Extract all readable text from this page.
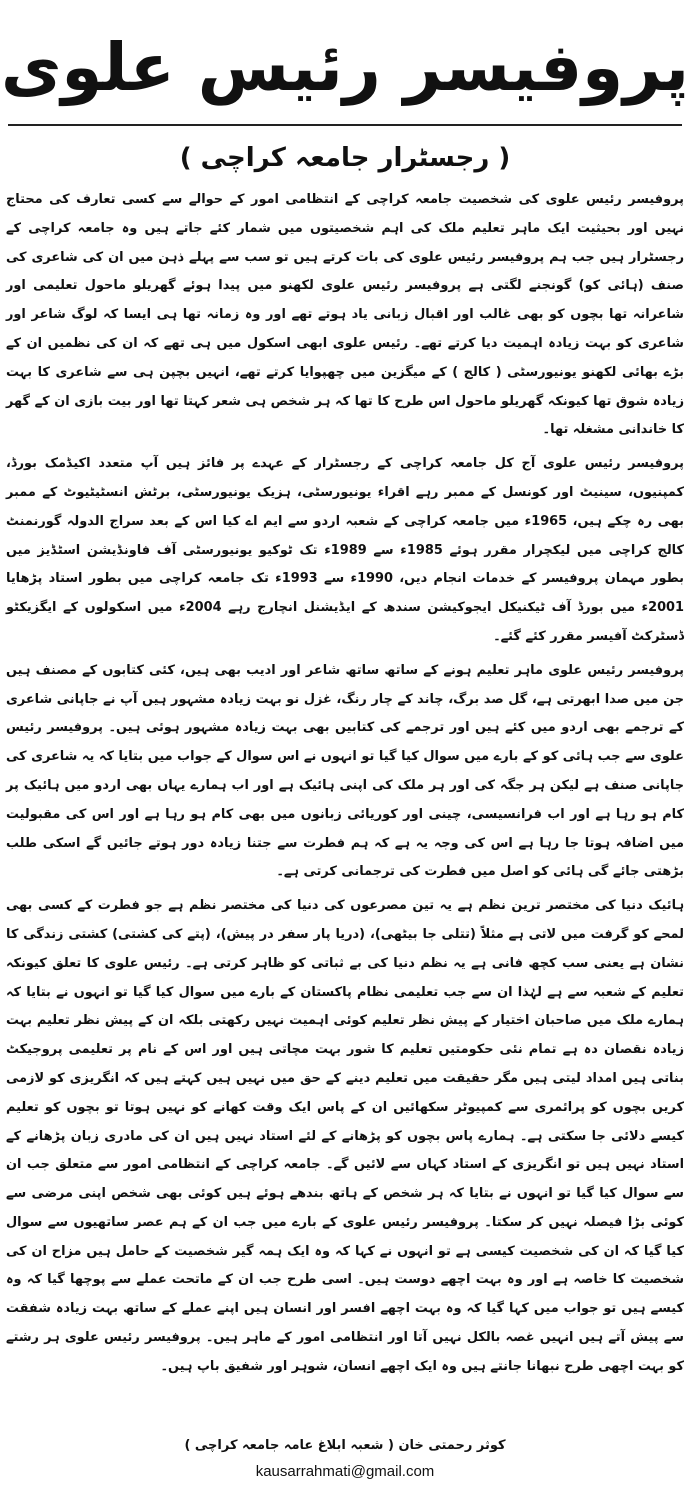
پروفیسر رئیس علوی
( رجسٹرار جامعہ کراچی )

پروفیسر رئیس علوی کی شخصیت جامعہ کراچی کے انتظامی امور کے حوالے سے کسی تعارف کی محتاج نہیں اور بحیثیت ایک ماہر تعلیم ملک کی اہم شخصیتوں میں شمار کئے جاتے ہیں وہ جامعہ کراچی کے رجسٹرار ہیں جب ہم پروفیسر رئیس علوی کی بات کرتے ہیں تو سب سے پہلے ذہن میں ان کی شاعری کی صنف (ہائی کو) گونجنے لگتی ہے پروفیسر رئیس علوی لکھنو میں پیدا ہوئے گھریلو ماحول تعلیمی اور شاعرانہ تھا بچوں کو بھی غالب اور اقبال زبانی یاد ہوتے تھے اور وہ زمانہ تھا ہی ایسا کہ لوگ شاعر اور شاعری کو بہت زیادہ اہمیت دیا کرتے تھے۔ رئیس علوی ابھی اسکول میں ہی تھے کہ ان کی نظمیں ان کے بڑے بھائی لکھنو یونیورسٹی ( کالج ) کے میگزین میں چھپوایا کرتے تھے، انہیں بچپن ہی سے شاعری کا بہت زیادہ شوق تھا کیونکہ گھریلو ماحول اس طرح کا تھا کہ ہر شخص ہی شعر کہتا تھا اور بیت بازی ان کے گھر کا خاندانی مشغلہ تھا۔

پروفیسر رئیس علوی آج کل جامعہ کراچی کے رجسٹرار کے عہدے پر فائز ہیں آپ متعدد اکیڈمک بورڈ، کمپنیوں، سینیٹ اور کونسل کے ممبر رہے اقراء یونیورسٹی، ہزیک یونیورسٹی، برٹش انسٹیٹیوٹ کے ممبر بھی رہ چکے ہیں، 1965ء میں جامعہ کراچی کے شعبہ اردو سے ایم اے کیا اس کے بعد سراج الدولہ گورنمنٹ کالج کراچی میں لیکچرار مقرر ہوئے 1985ء سے 1989ء تک ٹوکیو یونیورسٹی آف فاونڈیشن اسٹڈیز میں بطور مہمان پروفیسر کے خدمات انجام دیں، 1990ء سے 1993ء تک جامعہ کراچی میں بطور استاد پڑھایا 2001ء میں بورڈ آف ٹیکنیکل ایجوکیشن سندھ کے ایڈیشنل انچارج رہے 2004ء میں اسکولوں کے ایگزیکٹو ڈسٹرکٹ آفیسر مقرر کئے گئے۔

پروفیسر رئیس علوی ماہر تعلیم ہونے کے ساتھ ساتھ شاعر اور ادیب بھی ہیں، کئی کتابوں کے مصنف ہیں جن میں صدا ابھرتی ہے، گل صد برگ، چاند کے چار رنگ، غزل نو بہت زیادہ مشہور ہیں آپ نے جاپانی شاعری کے ترجمے بھی اردو میں کئے ہیں اور ترجمے کی کتابیں بھی بہت زیادہ مشہور ہوئی ہیں۔ پروفیسر رئیس علوی سے جب ہائی کو کے بارے میں سوال کیا گیا تو انہوں نے اس سوال کے جواب میں بتایا کہ یہ شاعری کی جاپانی صنف ہے لیکن ہر جگہ کی اور ہر ملک کی اپنی ہائیک ہے اور اب ہمارے یہاں بھی اردو میں ہائیک پر کام ہو رہا ہے اور اب فرانسیسی، چینی اور کوریائی زبانوں میں بھی کام ہو رہا ہے اور اس کی مقبولیت میں اضافہ ہوتا جا رہا ہے اس کی وجہ یہ ہے کہ ہم فطرت سے جتنا زیادہ دور ہوتے جائیں گے اسکی طلب بڑھتی جائے گی ہائی کو اصل میں فطرت کی ترجمانی کرتی ہے۔

ہائیک دنیا کی مختصر ترین نظم ہے یہ تین مصرعوں کی دنیا کی مختصر نظم ہے جو فطرت کے کسی بھی لمحے کو گرفت میں لاتی ہے مثلاً (تتلی جا بیٹھی)، (دریا پار سفر در پیش)، (پتے کی کشتی) کشتی زندگی کا نشان ہے یعنی سب کچھ فانی ہے یہ نظم دنیا کی بے ثباتی کو ظاہر کرتی ہے۔ رئیس علوی کا تعلق کیونکہ تعلیم کے شعبہ سے ہے لہٰذا ان سے جب تعلیمی نظام پاکستان کے بارے میں سوال کیا گیا تو انہوں نے بتایا کہ ہمارے ملک میں صاحبان اختیار کے پیش نظر تعلیم کوئی اہمیت نہیں رکھتی بلکہ ان کے پیش نظر تعلیم بہت زیادہ نقصان دہ ہے تمام نئی حکومتیں تعلیم کا شور بہت مچاتی ہیں اور اس کے نام پر تعلیمی پروجیکٹ بناتی ہیں امداد لیتی ہیں مگر حقیقت میں تعلیم دینے کے حق میں نہیں ہیں کہتے ہیں کہ انگریزی کو لازمی کریں بچوں کو پرائمری سے کمپیوٹر سکھائیں ان کے پاس ایک وقت کھانے کو نہیں ہوتا تو بچوں کو تعلیم کیسے دلائی جا سکتی ہے۔ ہمارے پاس بچوں کو پڑھانے کے لئے استاد نہیں ہیں ان کی مادری زبان پڑھانے کے استاد نہیں ہیں تو انگریزی کے استاد کہاں سے لائیں گے۔ جامعہ کراچی کے انتظامی امور سے متعلق جب ان سے سوال کیا گیا تو انہوں نے بتایا کہ ہر شخص کے ہاتھ بندھے ہوئے ہیں کوئی بھی شخص اپنی مرضی سے کوئی بڑا فیصلہ نہیں کر سکتا۔ پروفیسر رئیس علوی کے بارے میں جب ان کے ہم عصر ساتھیوں سے سوال کیا گیا کہ ان کی شخصیت کیسی ہے تو انہوں نے کہا کہ وہ ایک ہمہ گیر شخصیت کے حامل ہیں مزاح ان کی شخصیت کا خاصہ ہے اور وہ بہت اچھے دوست ہیں۔ اسی طرح جب ان کے ماتحت عملے سے پوچھا گیا کہ وہ کیسے ہیں تو جواب میں کہا گیا کہ وہ بہت اچھے افسر اور انسان ہیں اپنے عملے کے ساتھ بہت زیادہ شفقت سے پیش آتے ہیں انہیں غصہ بالکل نہیں آتا اور انتظامی امور کے ماہر ہیں۔ پروفیسر رئیس علوی ہر رشتے کو بہت اچھی طرح نبھانا جانتے ہیں وہ ایک اچھے انسان، شوہر اور شفیق باپ ہیں۔

کوثر رحمتی خان ( شعبہ ابلاغ عامہ جامعہ کراچی )
kausarrahmati@gmail.com
